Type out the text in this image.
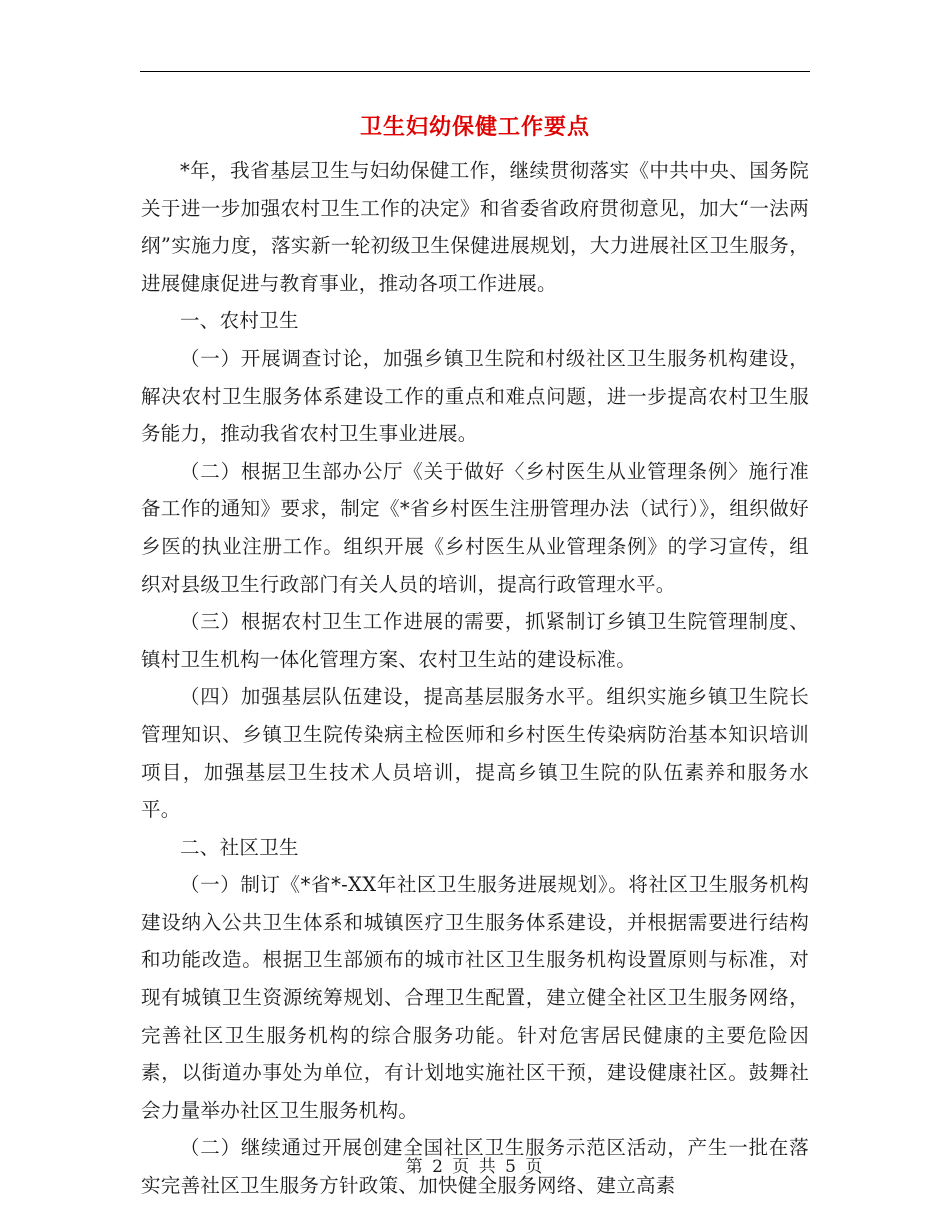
卫生妇幼保健工作要点

*年，我省基层卫生与妇幼保健工作，继续贯彻落实《中共中央、国务院关于进一步加强农村卫生工作的决定》和省委省政府贯彻意见，加大“一法两纲”实施力度，落实新一轮初级卫生保健进展规划，大力进展社区卫生服务，进展健康促进与教育事业，推动各项工作进展。

一、农村卫生

（一）开展调查讨论，加强乡镇卫生院和村级社区卫生服务机构建设，解决农村卫生服务体系建设工作的重点和难点问题，进一步提高农村卫生服务能力，推动我省农村卫生事业进展。

（二）根据卫生部办公厅《关于做好〈乡村医生从业管理条例〉施行准备工作的通知》要求，制定《*省乡村医生注册管理办法（试行）》，组织做好乡医的执业注册工作。组织开展《乡村医生从业管理条例》的学习宣传，组织对县级卫生行政部门有关人员的培训，提高行政管理水平。

（三）根据农村卫生工作进展的需要，抓紧制订乡镇卫生院管理制度、镇村卫生机构一体化管理方案、农村卫生站的建设标准。

（四）加强基层队伍建设，提高基层服务水平。组织实施乡镇卫生院长管理知识、乡镇卫生院传染病主检医师和乡村医生传染病防治基本知识培训项目，加强基层卫生技术人员培训，提高乡镇卫生院的队伍素养和服务水平。

二、社区卫生

（一）制订《*省*-XX年社区卫生服务进展规划》。将社区卫生服务机构建设纳入公共卫生体系和城镇医疗卫生服务体系建设，并根据需要进行结构和功能改造。根据卫生部颁布的城市社区卫生服务机构设置原则与标准，对现有城镇卫生资源统筹规划、合理卫生配置，建立健全社区卫生服务网络，完善社区卫生服务机构的综合服务功能。针对危害居民健康的主要危险因素，以街道办事处为单位，有计划地实施社区干预，建设健康社区。鼓舞社会力量举办社区卫生服务机构。

（二）继续通过开展创建全国社区卫生服务示范区活动，产生一批在落实完善社区卫生服务方针政策、加快健全服务网络、建立高素

第 2 页 共 5 页
